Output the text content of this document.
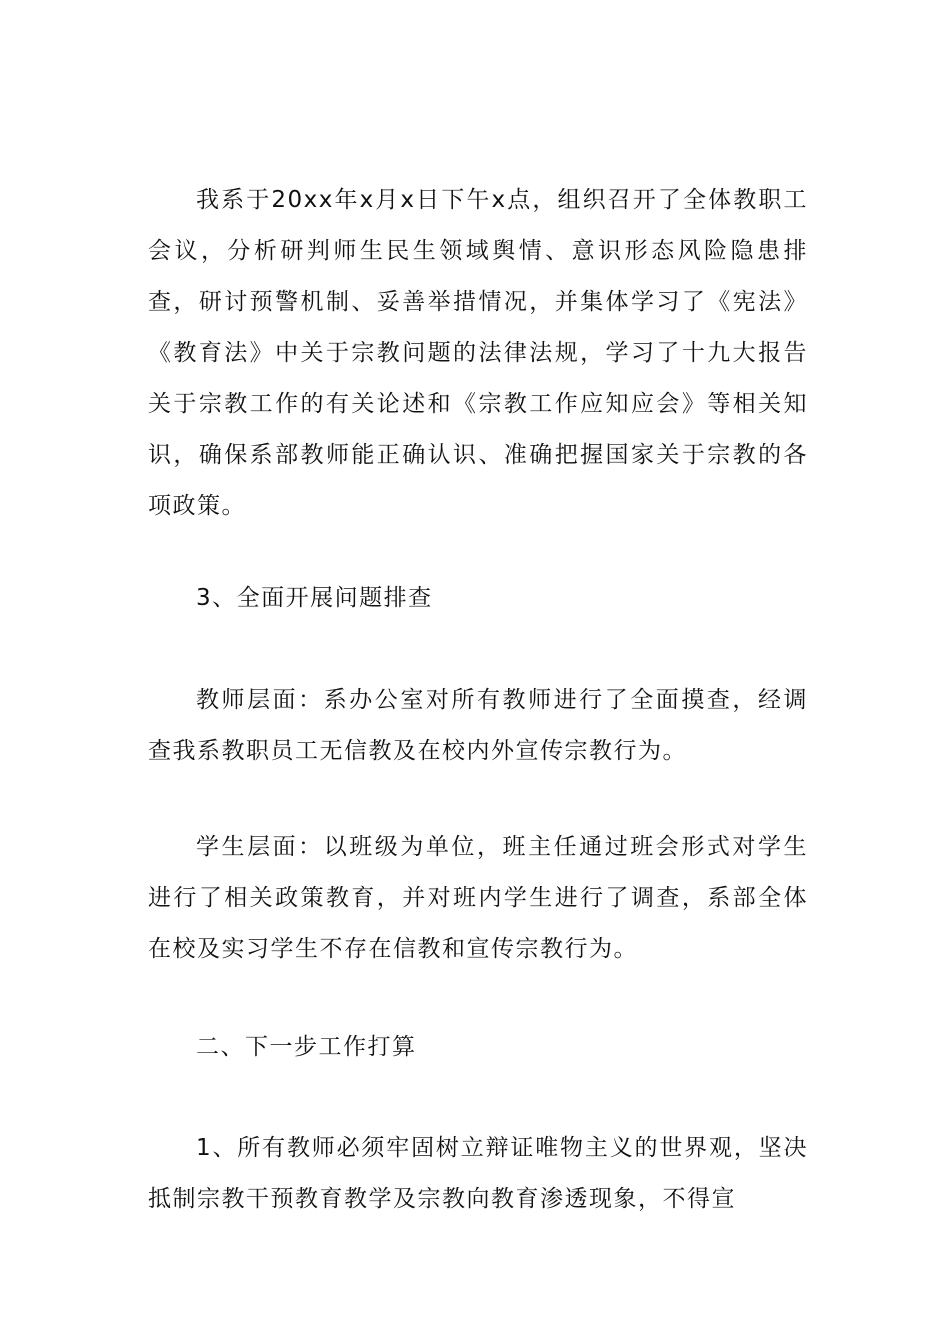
我系于20xx年x月x日下午x点，组织召开了全体教职工会议，分析研判师生民生领域舆情、意识形态风险隐患排查，研讨预警机制、妥善举措情况，并集体学习了《宪法》《教育法》中关于宗教问题的法律法规，学习了十九大报告关于宗教工作的有关论述和《宗教工作应知应会》等相关知识，确保系部教师能正确认识、准确把握国家关于宗教的各项政策。

3、全面开展问题排查

教师层面：系办公室对所有教师进行了全面摸查，经调查我系教职员工无信教及在校内外宣传宗教行为。

学生层面：以班级为单位，班主任通过班会形式对学生进行了相关政策教育，并对班内学生进行了调查，系部全体在校及实习学生不存在信教和宣传宗教行为。

二、下一步工作打算

1、所有教师必须牢固树立辩证唯物主义的世界观，坚决抵制宗教干预教育教学及宗教向教育渗透现象，不得宣
